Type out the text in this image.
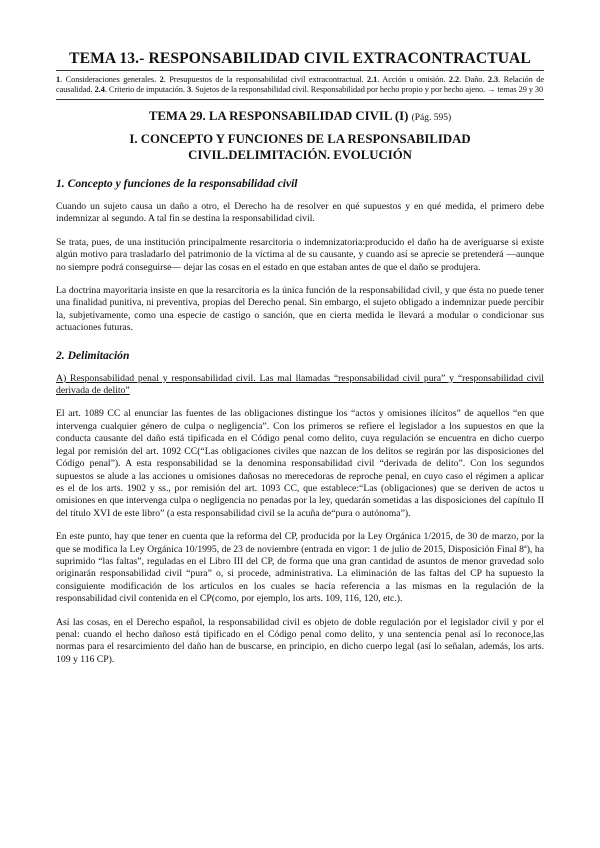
TEMA 13.- RESPONSABILIDAD CIVIL EXTRACONTRACTUAL
1. Consideraciones generales. 2. Presupuestos de la responsabilidad civil extracontractual. 2.1. Acción u omisión. 2.2. Daño. 2.3. Relación de causalidad. 2.4. Criterio de imputación. 3. Sujetos de la responsabilidad civil. Responsabilidad por hecho propio y por hecho ajeno. → temas 29 y 30
TEMA 29. LA RESPONSABILIDAD CIVIL (I) (Pág. 595)
I. CONCEPTO Y FUNCIONES DE LA RESPONSABILIDAD
CIVIL.DELIMITACIÓN. EVOLUCIÓN
1. Concepto y funciones de la responsabilidad civil

Cuando un sujeto causa un daño a otro, el Derecho ha de resolver en qué supuestos y en qué medida, el primero debe indemnizar al segundo. A tal fin se destina la responsabilidad civil.

Se trata, pues, de una institución principalmente resarcitoria o indemnizatoria:producido el daño ha de averiguarse si existe algún motivo para trasladarlo del patrimonio de la víctima al de su causante, y cuando así se aprecie se pretenderá —aunque no siempre podrá conseguirse— dejar las cosas en el estado en que estaban antes de que el daño se produjera.

La doctrina mayoritaria insiste en que la resarcitoria es la única función de la responsabilidad civil, y que ésta no puede tener una finalidad punitiva, ni preventiva, propias del Derecho penal. Sin embargo, el sujeto obligado a indemnizar puede percibir la, subjetivamente, como una especie de castigo o sanción, que en cierta medida le llevará a modular o condicionar sus actuaciones futuras.

2. Delimitación

A) Responsabilidad penal y responsabilidad civil. Las mal llamadas “responsabilidad civil pura” y “responsabilidad civil derivada de delito”

El art. 1089 CC al enunciar las fuentes de las obligaciones distingue los “actos y omisiones ilícitos” de aquellos “en que intervenga cualquier género de culpa o negligencia”. Con los primeros se refiere el legislador a los supuestos en que la conducta causante del daño está tipificada en el Código penal como delito, cuya regulación se encuentra en dicho cuerpo legal por remisión del art. 1092 CC(“Las obligaciones civiles que nazcan de los delitos se regirán por las disposiciones del Código penal”). A esta responsabilidad se la denomina responsabilidad civil “derivada de delito”. Con los segundos supuestos se alude a las acciones u omisiones dañosas no merecedoras de reproche penal, en cuyo caso el régimen a aplicar es el de los arts. 1902 y ss., por remisión del art. 1093 CC, que establece:“Las (obligaciones) que se deriven de actos u omisiones en que intervenga culpa o negligencia no penadas por la ley, quedarán sometidas a las disposiciones del capítulo II del título XVI de este libro” (a esta responsabilidad civil se la acuña de“pura o autónoma”).

En este punto, hay que tener en cuenta que la reforma del CP, producida por la Ley Orgánica 1/2015, de 30 de marzo, por la que se modifica la Ley Orgánica 10/1995, de 23 de noviembre (entrada en vigor: 1 de julio de 2015, Disposición Final 8ª), ha suprimido “las faltas”, reguladas en el Libro III del CP, de forma que una gran cantidad de asuntos de menor gravedad solo originarán responsabilidad civil “pura” o, si procede, administrativa. La eliminación de las faltas del CP ha supuesto la consiguiente modificación de los artículos en los cuales se hacía referencia a las mismas en la regulación de la responsabilidad civil contenida en el CP(como, por ejemplo, los arts. 109, 116, 120, etc.).

Así las cosas, en el Derecho español, la responsabilidad civil es objeto de doble regulación por el legislador civil y por el penal: cuando el hecho dañoso está tipificado en el Código penal como delito, y una sentencia penal así lo reconoce,las normas para el resarcimiento del daño han de buscarse, en principio, en dicho cuerpo legal (así lo señalan, además, los arts. 109 y 116 CP).
